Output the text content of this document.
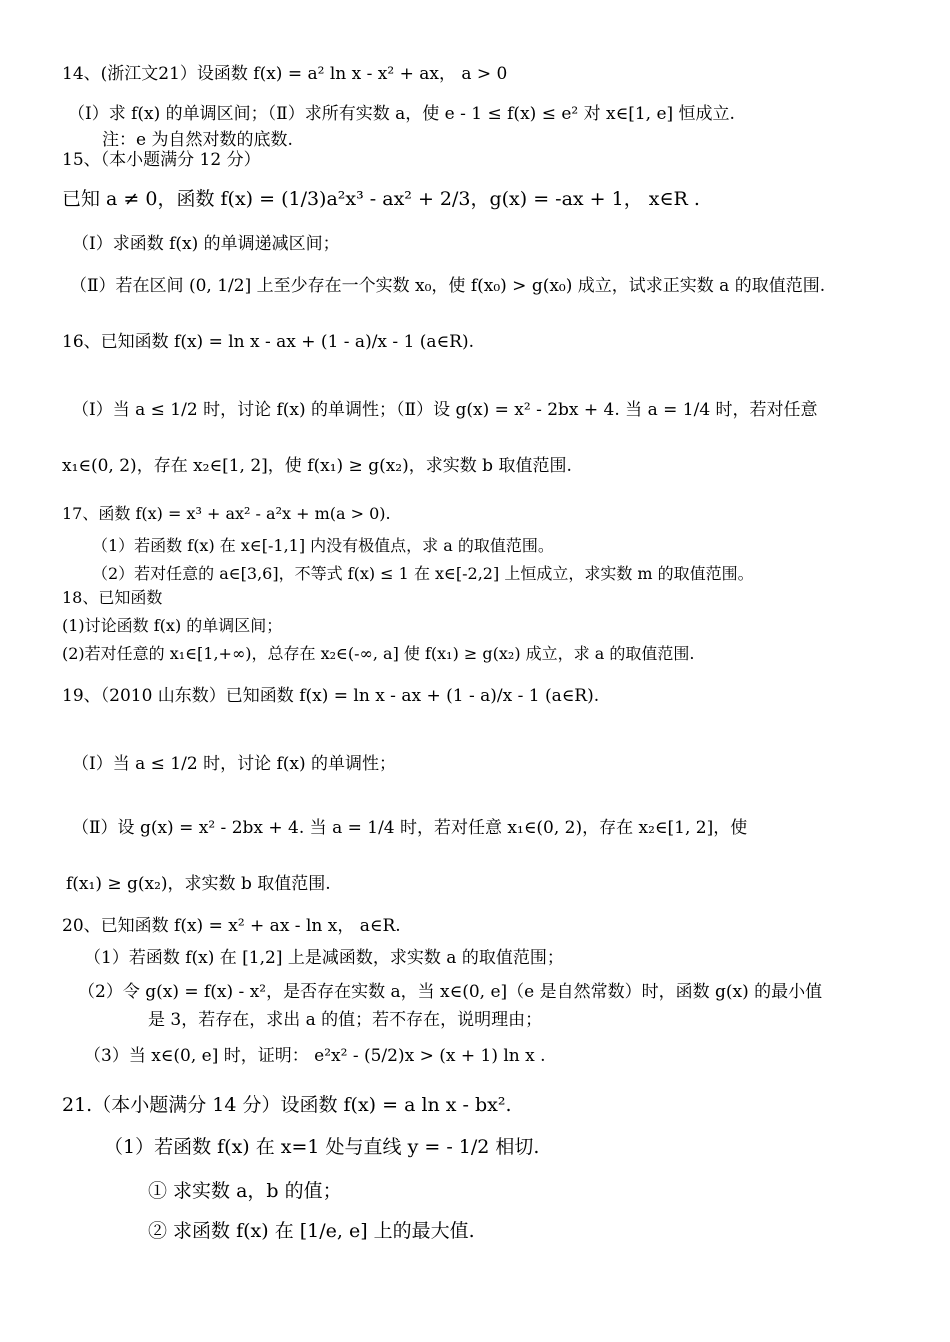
14、(浙江文21）设函数 f(x) = a² ln x - x² + ax， a > 0
（Ⅰ）求 f(x) 的单调区间；（Ⅱ）求所有实数 a，使 e - 1 ≤ f(x) ≤ e² 对 x∈[1, e] 恒成立.
注：e 为自然对数的底数.
15、（本小题满分 12 分）
已知 a ≠ 0，函数 f(x) = (1/3)a²x³ - ax² + 2/3，g(x) = -ax + 1， x∈R .
（I）求函数 f(x) 的单调递减区间；
（Ⅱ）若在区间 (0, 1/2] 上至少存在一个实数 x₀，使 f(x₀) > g(x₀) 成立，试求正实数 a 的取值范围.
16、已知函数 f(x) = ln x - ax + (1 - a)/x - 1 (a∈R).
（Ⅰ）当 a ≤ 1/2 时，讨论 f(x) 的单调性；（Ⅱ）设 g(x) = x² - 2bx + 4. 当 a = 1/4 时，若对任意
x₁∈(0, 2)，存在 x₂∈[1, 2]，使 f(x₁) ≥ g(x₂)，求实数 b 取值范围.
17、函数 f(x) = x³ + ax² - a²x + m(a > 0).
（1）若函数 f(x) 在 x∈[-1,1] 内没有极值点，求 a 的取值范围。
（2）若对任意的 a∈[3,6]，不等式 f(x) ≤ 1 在 x∈[-2,2] 上恒成立，求实数 m 的取值范围。
18、已知函数
(1)讨论函数 f(x) 的单调区间；
(2)若对任意的 x₁∈[1,+∞)，总存在 x₂∈(-∞, a] 使 f(x₁) ≥ g(x₂) 成立，求 a 的取值范围.
19、（2010 山东数）已知函数 f(x) = ln x - ax + (1 - a)/x - 1 (a∈R).
（Ⅰ）当 a ≤ 1/2 时，讨论 f(x) 的单调性；
（Ⅱ）设 g(x) = x² - 2bx + 4. 当 a = 1/4 时，若对任意 x₁∈(0, 2)，存在 x₂∈[1, 2]，使
f(x₁) ≥ g(x₂)，求实数 b 取值范围.
20、已知函数 f(x) = x² + ax - ln x， a∈R.
（1）若函数 f(x) 在 [1,2] 上是减函数，求实数 a 的取值范围；
（2）令 g(x) = f(x) - x²，是否存在实数 a，当 x∈(0, e]（e 是自然常数）时，函数 g(x) 的最小值
是 3，若存在，求出 a 的值；若不存在，说明理由；
（3）当 x∈(0, e] 时，证明： e²x² - (5/2)x > (x + 1) ln x .
21.（本小题满分 14 分）设函数 f(x) = a ln x - bx².
（1）若函数 f(x) 在 x=1 处与直线 y = - 1/2 相切.
① 求实数 a，b 的值；
② 求函数 f(x) 在 [1/e, e] 上的最大值.
